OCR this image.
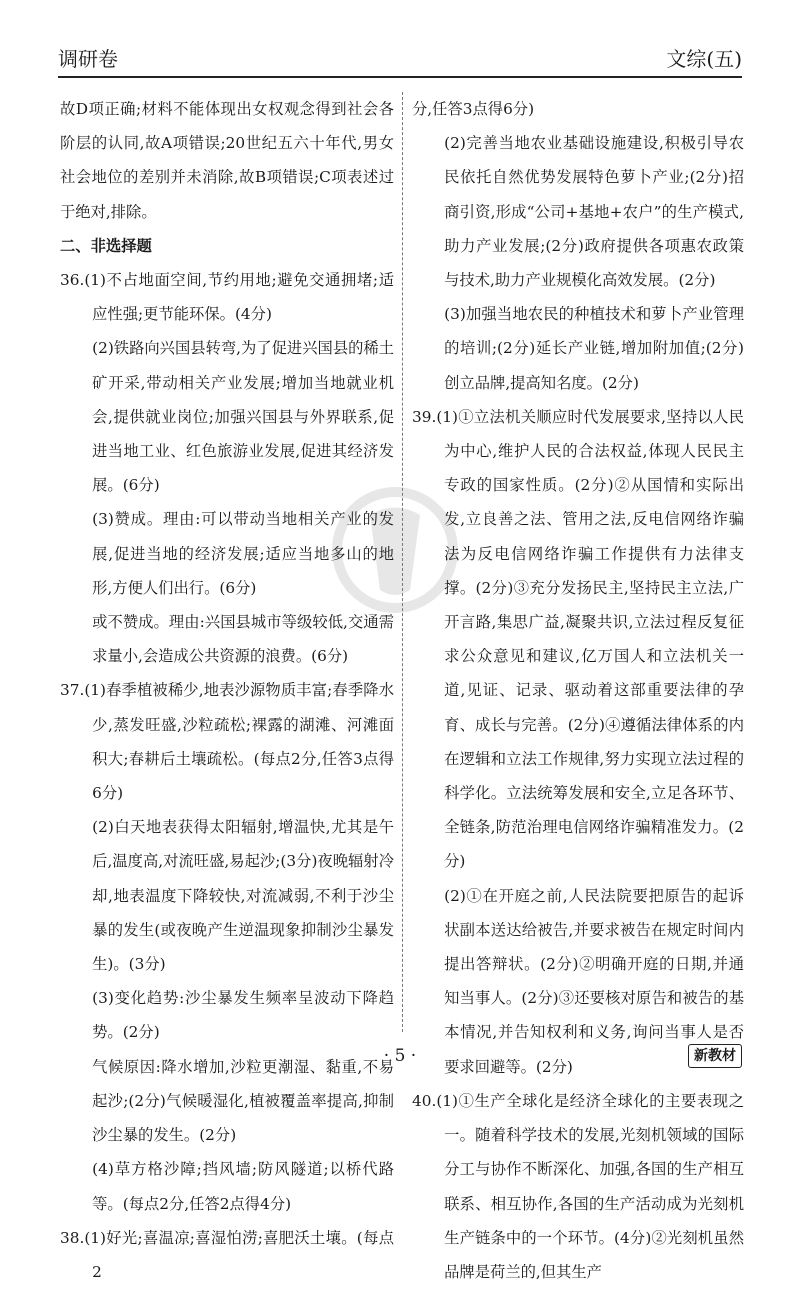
调研卷	文综(五)

故D项正确;材料不能体现出女权观念得到社会各阶层的认同,故A项错误;20世纪五六十年代,男女社会地位的差别并未消除,故B项错误;C项表述过于绝对,排除。

二、非选择题

36.(1)不占地面空间,节约用地;避免交通拥堵;适应性强;更节能环保。(4分)

(2)铁路向兴国县转弯,为了促进兴国县的稀土矿开采,带动相关产业发展;增加当地就业机会,提供就业岗位;加强兴国县与外界联系,促进当地工业、红色旅游业发展,促进其经济发展。(6分)

(3)赞成。理由:可以带动当地相关产业的发展,促进当地的经济发展;适应当地多山的地形,方便人们出行。(6分)

或不赞成。理由:兴国县城市等级较低,交通需求量小,会造成公共资源的浪费。(6分)

37.(1)春季植被稀少,地表沙源物质丰富;春季降水少,蒸发旺盛,沙粒疏松;裸露的湖滩、河滩面积大;春耕后土壤疏松。(每点2分,任答3点得6分)

(2)白天地表获得太阳辐射,增温快,尤其是午后,温度高,对流旺盛,易起沙;(3分)夜晚辐射冷却,地表温度下降较快,对流减弱,不利于沙尘暴的发生(或夜晚产生逆温现象抑制沙尘暴发生)。(3分)

(3)变化趋势:沙尘暴发生频率呈波动下降趋势。(2分)

气候原因:降水增加,沙粒更潮湿、黏重,不易起沙;(2分)气候暖湿化,植被覆盖率提高,抑制沙尘暴的发生。(2分)

(4)草方格沙障;挡风墙;防风隧道;以桥代路等。(每点2分,任答2点得4分)

38.(1)好光;喜温凉;喜湿怕涝;喜肥沃土壤。(每点2

分,任答3点得6分)

(2)完善当地农业基础设施建设,积极引导农民依托自然优势发展特色萝卜产业;(2分)招商引资,形成“公司+基地+农户”的生产模式,助力产业发展;(2分)政府提供各项惠农政策与技术,助力产业规模化高效发展。(2分)

(3)加强当地农民的种植技术和萝卜产业管理的培训;(2分)延长产业链,增加附加值;(2分)创立品牌,提高知名度。(2分)

39.(1)①立法机关顺应时代发展要求,坚持以人民为中心,维护人民的合法权益,体现人民民主专政的国家性质。(2分)②从国情和实际出发,立良善之法、管用之法,反电信网络诈骗法为反电信网络诈骗工作提供有力法律支撑。(2分)③充分发扬民主,坚持民主立法,广开言路,集思广益,凝聚共识,立法过程反复征求公众意见和建议,亿万国人和立法机关一道,见证、记录、驱动着这部重要法律的孕育、成长与完善。(2分)④遵循法律体系的内在逻辑和立法工作规律,努力实现立法过程的科学化。立法统筹发展和安全,立足各环节、全链条,防范治理电信网络诈骗精准发力。(2分)

(2)①在开庭之前,人民法院要把原告的起诉状副本送达给被告,并要求被告在规定时间内提出答辩状。(2分)②明确开庭的日期,并通知当事人。(2分)③还要核对原告和被告的基本情况,并告知权利和义务,询问当事人是否要求回避等。(2分)

40.(1)①生产全球化是经济全球化的主要表现之一。随着科学技术的发展,光刻机领域的国际分工与协作不断深化、加强,各国的生产相互联系、相互协作,各国的生产活动成为光刻机生产链条中的一个环节。(4分)②光刻机虽然品牌是荷兰的,但其生产

· 5 ·	新教材
